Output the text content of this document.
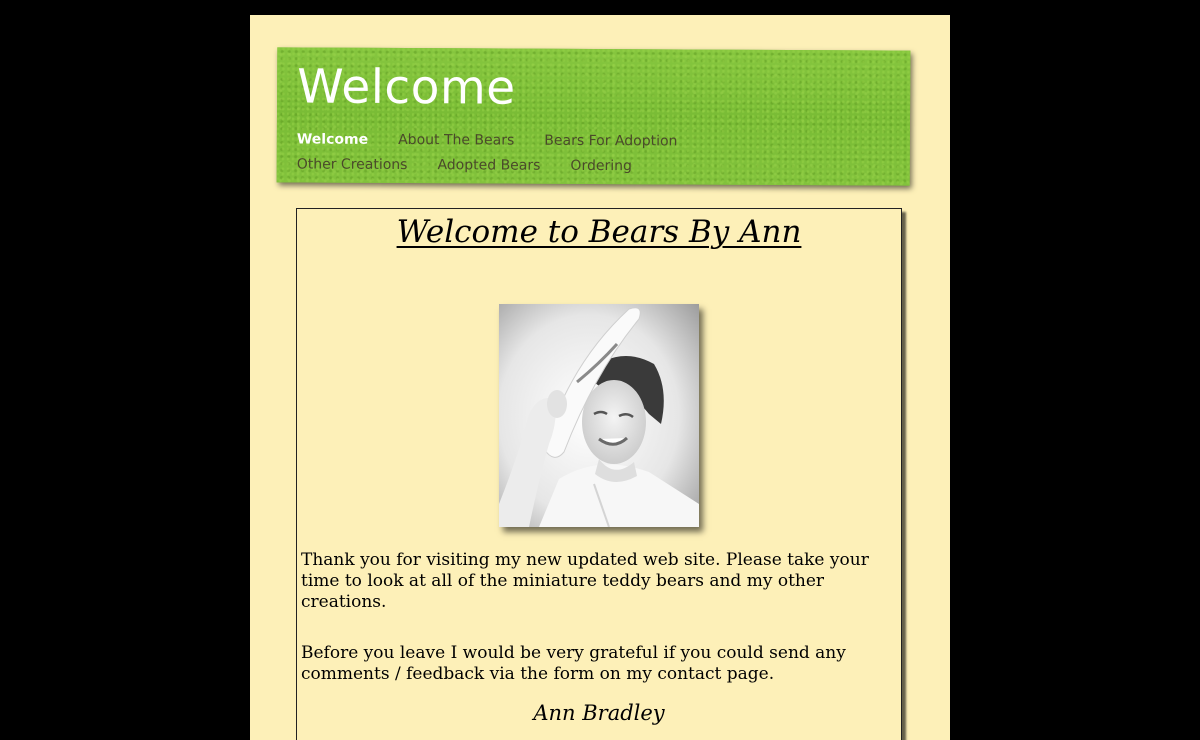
Welcome
Welcome About The Bears Bears For Adoption
Other Creations Adopted Bears Ordering
Welcome to Bears By Ann

Thank you for visiting my new updated web site. Please take your time to look at all of the miniature teddy bears and my other creations.

Before you leave I would be very grateful if you could send any comments / feedback via the form on my contact page.

Ann Bradley
